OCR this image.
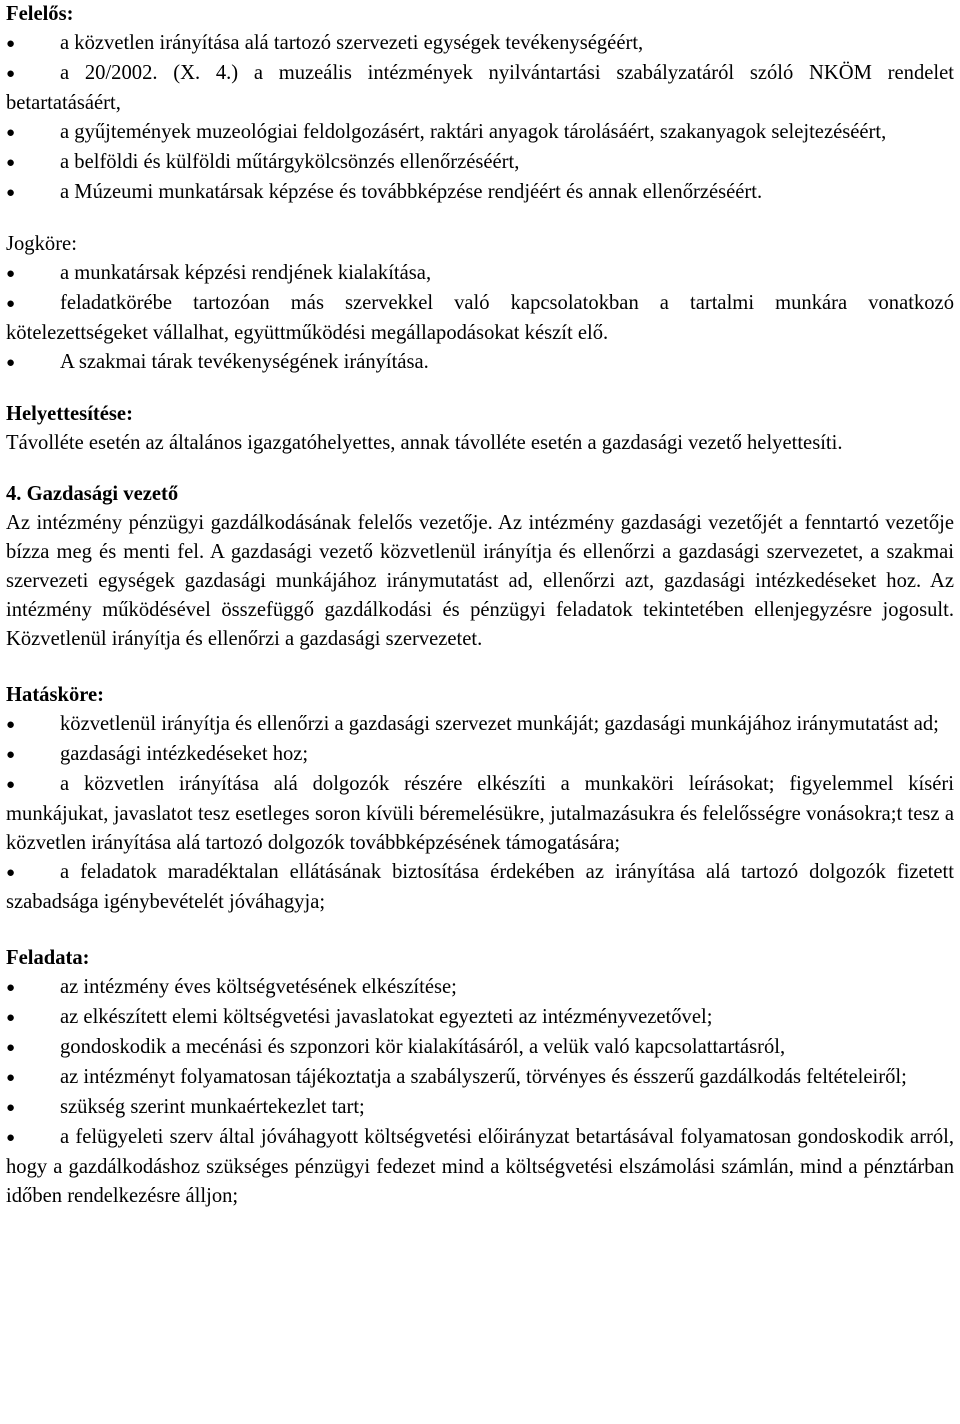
Felelős:
● a közvetlen irányítása alá tartozó szervezeti egységek tevékenységéért,
● a 20/2002. (X. 4.) a muzeális intézmények nyilvántartási szabályzatáról szóló NKÖM rendelet betartatásáért,
● a gyűjtemények muzeológiai feldolgozásért, raktári anyagok tárolásáért, szakanyagok selejtezéséért,
● a belföldi és külföldi műtárgykölcsönzés ellenőrzéséért,
● a Múzeumi munkatársak képzése és továbbképzése rendjéért és annak ellenőrzéséért.
Jogköre:
● a munkatársak képzési rendjének kialakítása,
● feladatkörébe tartozóan más szervekkel való kapcsolatokban a tartalmi munkára vonatkozó kötelezettségeket vállalhat, együttműködési megállapodásokat készít elő.
● A szakmai tárak tevékenységének irányítása.
Helyettesítése:

Távolléte esetén az általános igazgatóhelyettes, annak távolléte esetén a gazdasági vezető helyettesíti.

4. Gazdasági vezető

Az intézmény pénzügyi gazdálkodásának felelős vezetője. Az intézmény gazdasági vezetőjét a fenntartó vezetője bízza meg és menti fel. A gazdasági vezető közvetlenül irányítja és ellenőrzi a gazdasági szervezetet, a szakmai szervezeti egységek gazdasági munkájához iránymutatást ad, ellenőrzi azt, gazdasági intézkedéseket hoz. Az intézmény működésével összefüggő gazdálkodási és pénzügyi feladatok tekintetében ellenjegyzésre jogosult. Közvetlenül irányítja és ellenőrzi a gazdasági szervezetet.

Hatásköre:
● közvetlenül irányítja és ellenőrzi a gazdasági szervezet munkáját; gazdasági munkájához iránymutatást ad;
● gazdasági intézkedéseket hoz;
● a közvetlen irányítása alá dolgozók részére elkészíti a munkaköri leírásokat; figyelemmel kíséri munkájukat, javaslatot tesz esetleges soron kívüli béremelésükre, jutalmazásukra és felelősségre vonásokra;t tesz a közvetlen irányítása alá tartozó dolgozók továbbképzésének támogatására;
● a feladatok maradéktalan ellátásának biztosítása érdekében az irányítása alá tartozó dolgozók fizetett szabadsága igénybevételét jóváhagyja;
Feladata:
● az intézmény éves költségvetésének elkészítése;
● az elkészített elemi költségvetési javaslatokat egyezteti az intézményvezetővel;
● gondoskodik a mecénási és szponzori kör kialakításáról, a velük való kapcsolattartásról,
● az intézményt folyamatosan tájékoztatja a szabályszerű, törvényes és ésszerű gazdálkodás feltételeiről;
● szükség szerint munkaértekezlet tart;
● a felügyeleti szerv által jóváhagyott költségvetési előirányzat betartásával folyamatosan gondoskodik arról, hogy a gazdálkodáshoz szükséges pénzügyi fedezet mind a költségvetési elszámolási számlán, mind a pénztárban időben rendelkezésre álljon;
